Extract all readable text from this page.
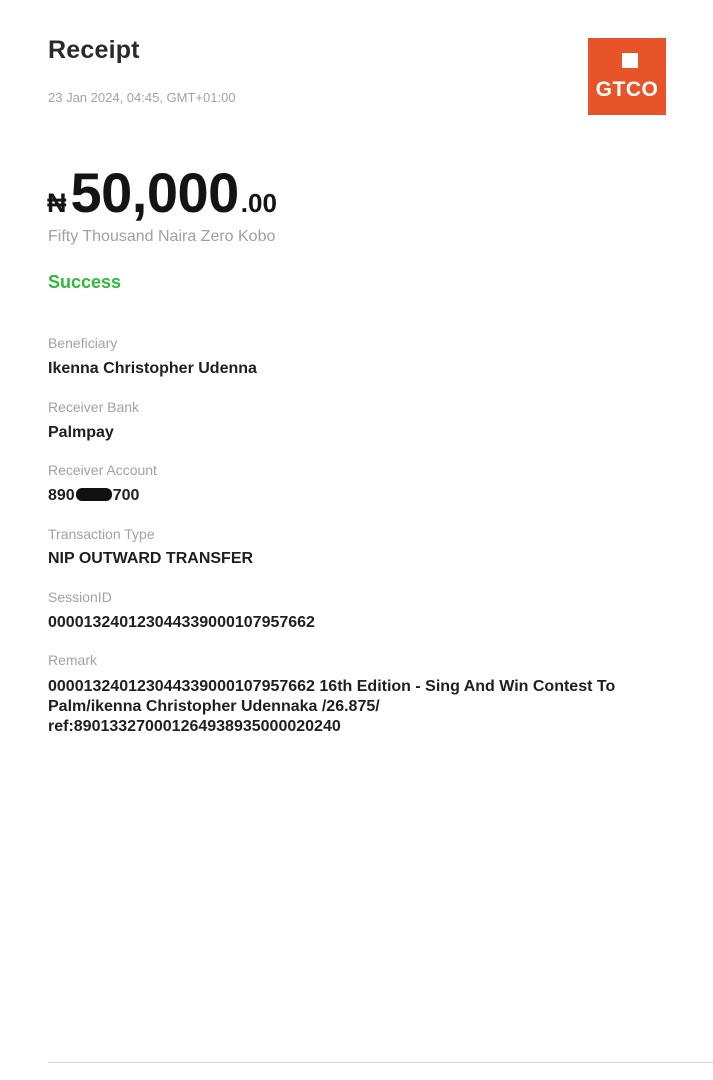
Receipt
23 Jan 2024, 04:45, GMT+01:00	GTCO
₦ 50,000 .00
Fifty Thousand Naira Zero Kobo
Success
Beneficiary
Ikenna Christopher Udenna
Receiver Bank
Palmpay
Receiver Account
890 700
Transaction Type
NIP OUTWARD TRANSFER
SessionID
000013240123044339000107957662
Remark
000013240123044339000107957662 16th Edition - Sing And Win Contest To
Palm/ikenna Christopher Udennaka /26.875/
ref:890133270001264938935000020240
